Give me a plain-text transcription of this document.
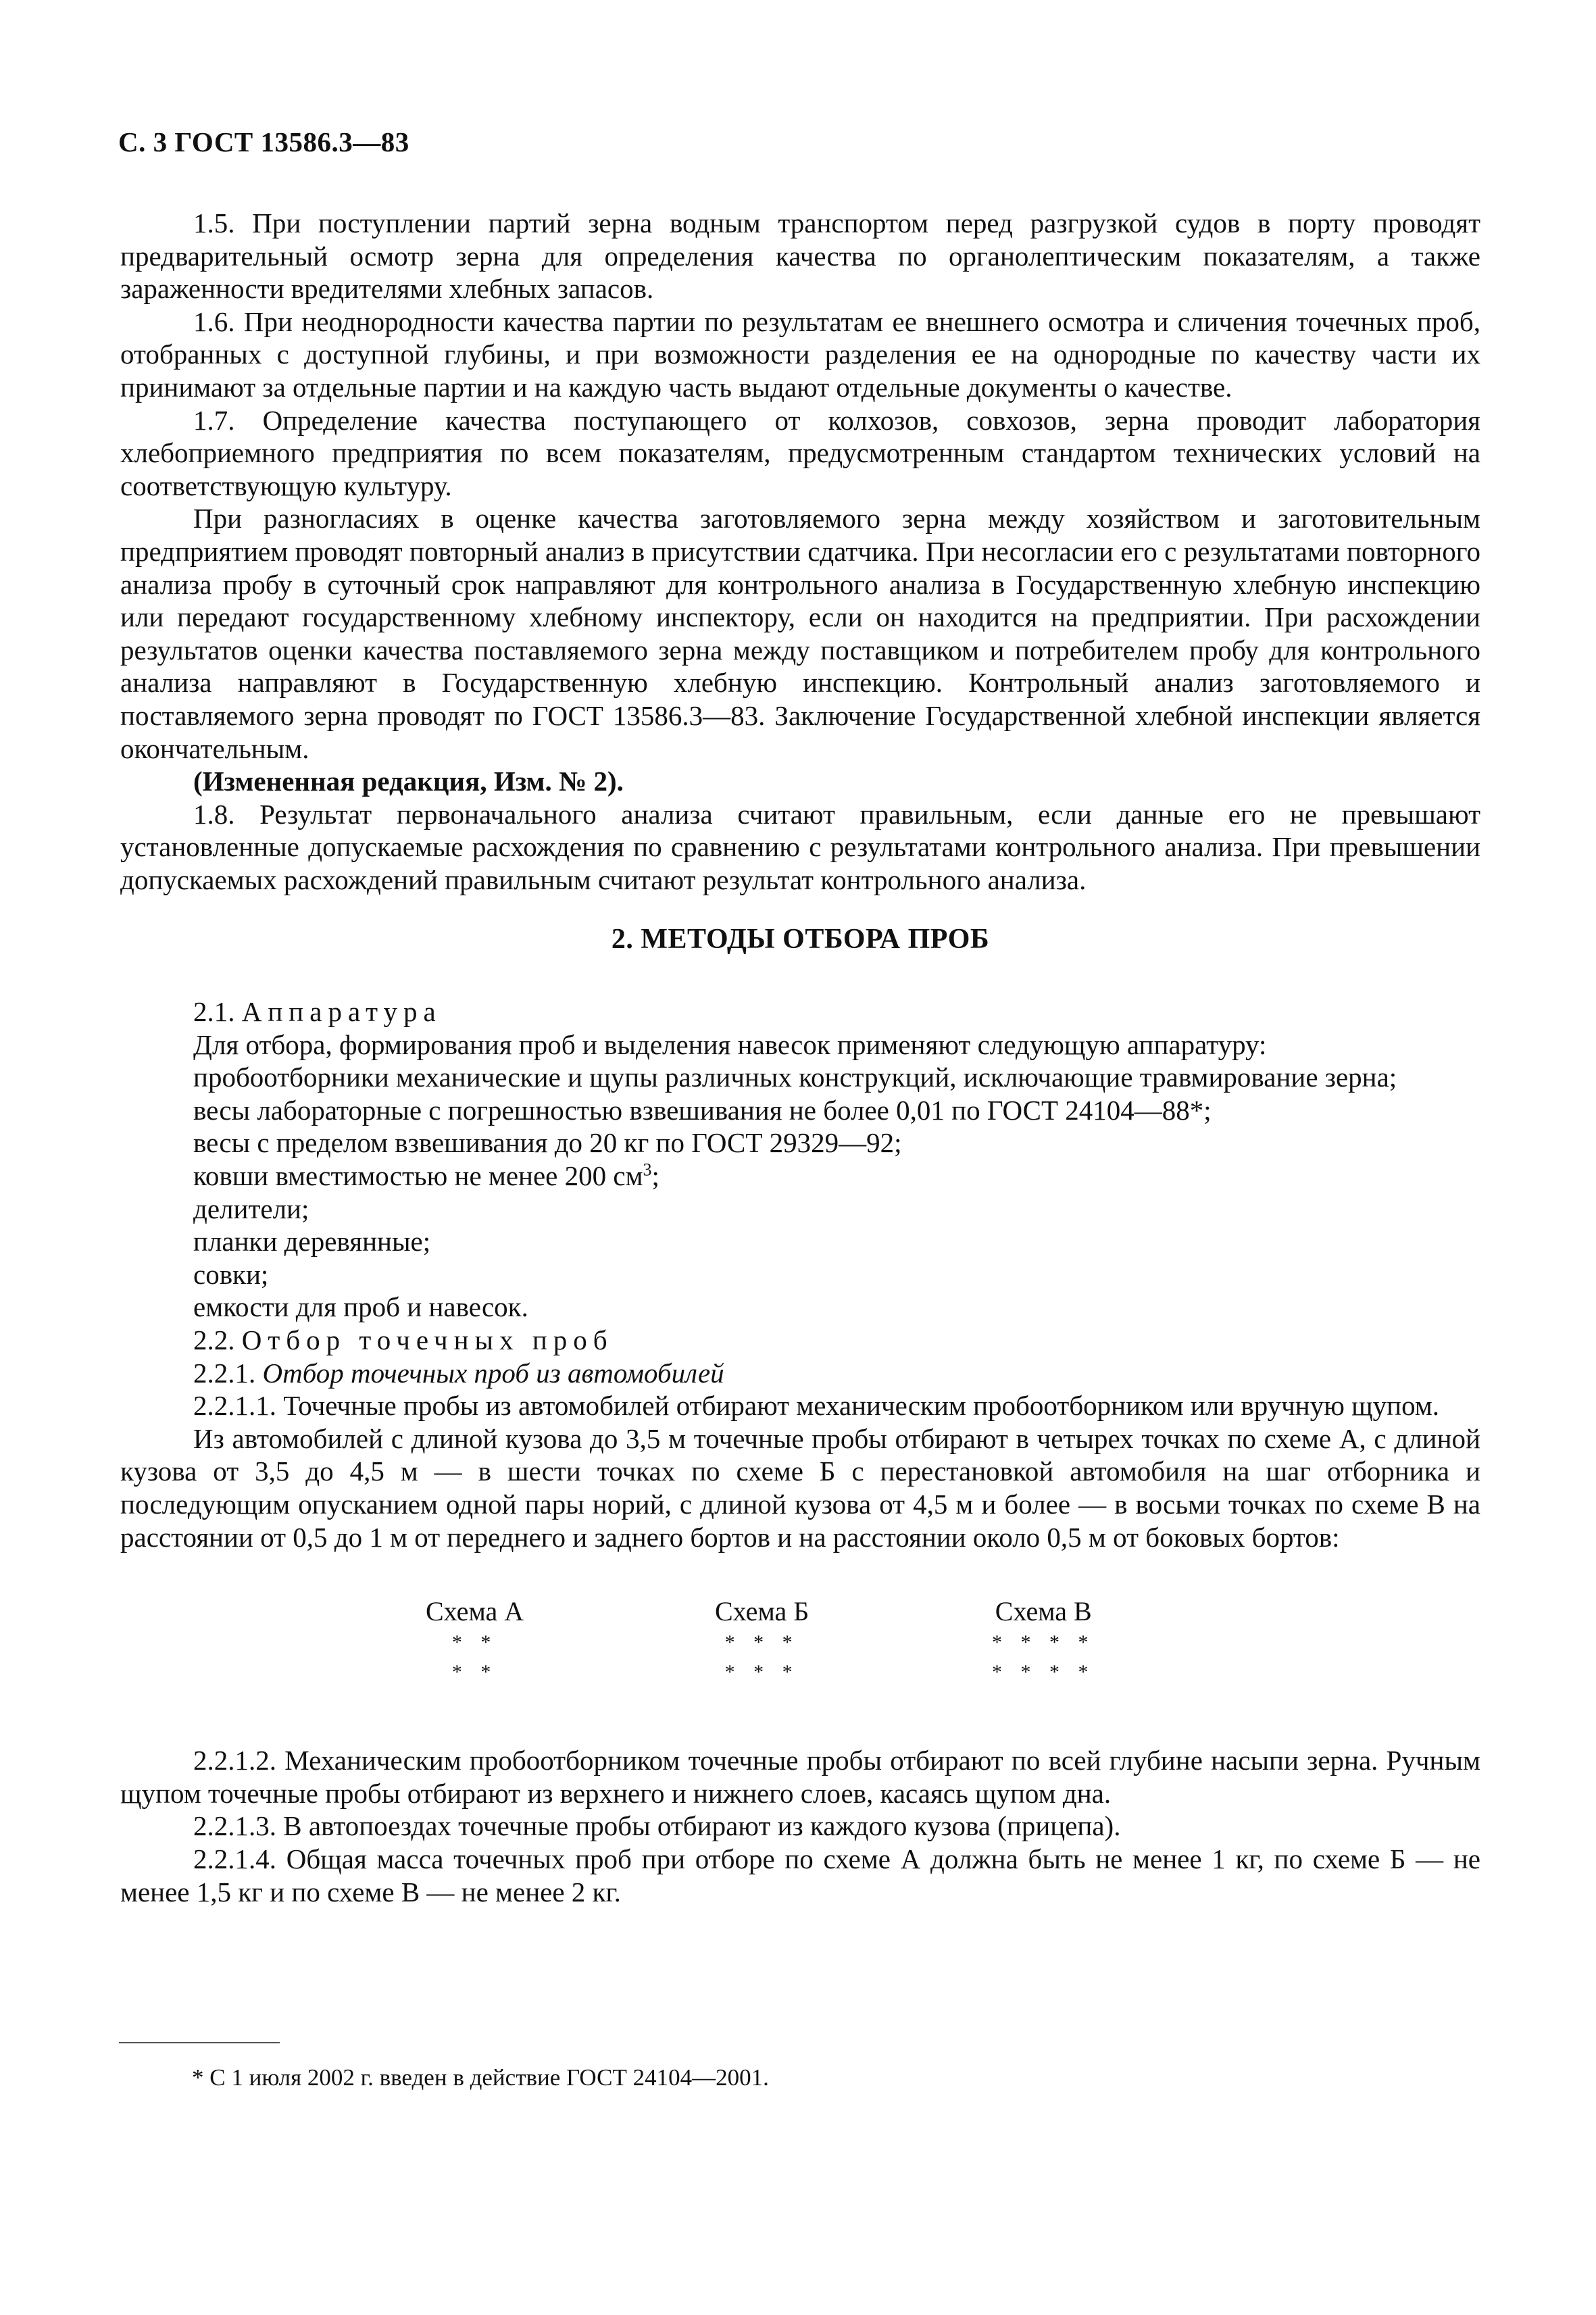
С. 3 ГОСТ 13586.3—83

1.5. При поступлении партий зерна водным транспортом перед разгрузкой судов в порту проводят предварительный осмотр зерна для определения качества по органолептическим показателям, а также зараженности вредителями хлебных запасов.

1.6. При неоднородности качества партии по результатам ее внешнего осмотра и сличения точечных проб, отобранных с доступной глубины, и при возможности разделения ее на однородные по качеству части их принимают за отдельные партии и на каждую часть выдают отдельные документы о качестве.

1.7. Определение качества поступающего от колхозов, совхозов, зерна проводит лаборатория хлебоприемного предприятия по всем показателям, предусмотренным стандартом технических условий на соответствующую культуру.

При разногласиях в оценке качества заготовляемого зерна между хозяйством и заготовительным предприятием проводят повторный анализ в присутствии сдатчика. При несогласии его с результатами повторного анализа пробу в суточный срок направляют для контрольного анализа в Государственную хлебную инспекцию или передают государственному хлебному инспектору, если он находится на предприятии. При расхождении результатов оценки качества поставляемого зерна между поставщиком и потребителем пробу для контрольного анализа направляют в Государственную хлебную инспекцию. Контрольный анализ заготовляемого и поставляемого зерна проводят по ГОСТ 13586.3—83. Заключение Государственной хлебной инспекции является окончательным.

(Измененная редакция, Изм. № 2).

1.8. Результат первоначального анализа считают правильным, если данные его не превышают установленные допускаемые расхождения по сравнению с результатами контрольного анализа. При превышении допускаемых расхождений правильным считают результат контрольного анализа.

2. МЕТОДЫ ОТБОРА ПРОБ

2.1. Аппаратура

Для отбора, формирования проб и выделения навесок применяют следующую аппаратуру:

пробоотборники механические и щупы различных конструкций, исключающие травмирование зерна;

весы лабораторные с погрешностью взвешивания не более 0,01 по ГОСТ 24104—88*;

весы с пределом взвешивания до 20 кг по ГОСТ 29329—92;

ковши вместимостью не менее 200 $см^3$;

делители;

планки деревянные;

совки;

емкости для проб и навесок.

2.2. Отбор точечных проб

2.2.1. Отбор точечных проб из автомобилей

2.2.1.1. Точечные пробы из автомобилей отбирают механическим пробоотборником или вручную щупом.

Из автомобилей с длиной кузова до 3,5 м точечные пробы отбирают в четырех точках по схеме А, с длиной кузова от 3,5 до 4,5 м — в шести точках по схеме Б с перестановкой автомобиля на шаг отборника и последующим опусканием одной пары норий, с длиной кузова от 4,5 м и более — в восьми точках по схеме В на расстоянии от 0,5 до 1 м от переднего и заднего бортов и на расстоянии около 0,5 м от боковых бортов:

Схема А
* *
* *
Схема Б
* * *
* * *
Схема В
* * * *
* * * *

2.2.1.2. Механическим пробоотборником точечные пробы отбирают по всей глубине насыпи зерна. Ручным щупом точечные пробы отбирают из верхнего и нижнего слоев, касаясь щупом дна.

2.2.1.3. В автопоездах точечные пробы отбирают из каждого кузова (прицепа).

2.2.1.4. Общая масса точечных проб при отборе по схеме А должна быть не менее 1 кг, по схеме Б — не менее 1,5 кг и по схеме В — не менее 2 кг.

* С 1 июля 2002 г. введен в действие ГОСТ 24104—2001.
